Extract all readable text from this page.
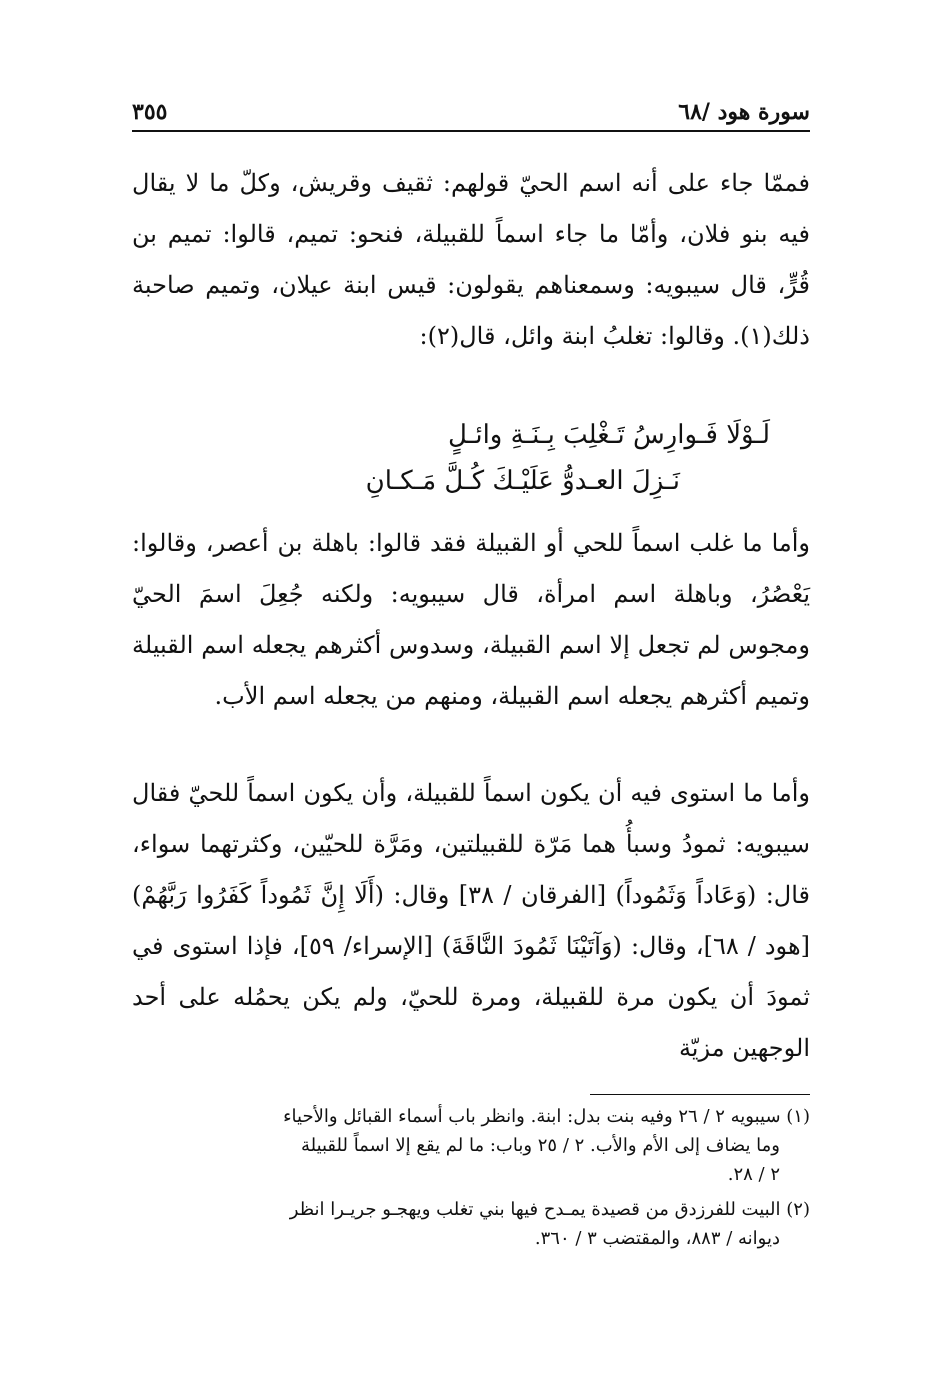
سورة هود /٦٨
٣٥٥

فممّا جاء على أنه اسم الحيّ قولهم: ثقيف وقريش، وكلّ ما لا يقال فيه بنو فلان، وأمّا ما جاء اسماً للقبيلة، فنحو: تميم، قالوا: تميم بن قُرٍّ، قال سيبويه: وسمعناهم يقولون: قيس ابنة عيلان، وتميم صاحبة ذلك(١). وقالوا: تغلبُ ابنة وائل، قال(٢):

لَـوْلَا فَـوارِسُ تَـغْلِبَ بِـنَـةِ وائـلٍ
نَـزِلَ العـدوُّ عَلَيْـكَ كُـلَّ مَـكـانِ

وأما ما غلب اسماً للحي أو القبيلة فقد قالوا: باهلة بن أعصر، وقالوا: يَعْصُرُ، وباهلة اسم امرأة، قال سيبويه: ولكنه جُعِلَ اسمَ الحيّ ومجوس لم تجعل إلا اسم القبيلة، وسدوس أكثرهم يجعله اسم القبيلة وتميم أكثرهم يجعله اسم القبيلة، ومنهم من يجعله اسم الأب.

وأما ما استوى فيه أن يكون اسماً للقبيلة، وأن يكون اسماً للحيّ فقال سيبويه: ثمودُ وسبأُ هما مَرّة للقبيلتين، ومَرَّة للحيّين، وكثرتهما سواء، قال: (وَعَاداً وَثَمُوداً) [الفرقان / ٣٨] وقال: (أَلَا إِنَّ ثَمُوداً كَفَرُوا رَبَّهُمْ) [هود / ٦٨]، وقال: (وَآتَيْنَا ثَمُودَ النَّاقَةَ) [الإسراء/ ٥٩]، فإذا استوى في ثمودَ أن يكون مرة للقبيلة، ومرة للحيّ، ولم يكن يحمُله على أحد الوجهين مزيّة

(١) سيبويه ٢ / ٢٦ وفيه بنت بدل: ابنة. وانظر باب أسماء القبائل والأحياء
وما يضاف إلى الأم والأب. ٢ / ٢٥ وباب: ما لم يقع إلا اسماً للقبيلة
٢ / ٢٨.
(٢) البيت للفرزدق من قصيدة يمـدح فيها بني تغلب ويهجـو جريـرا انظر
ديوانه / ٨٨٣، والمقتضب ٣ / ٣٦٠.
